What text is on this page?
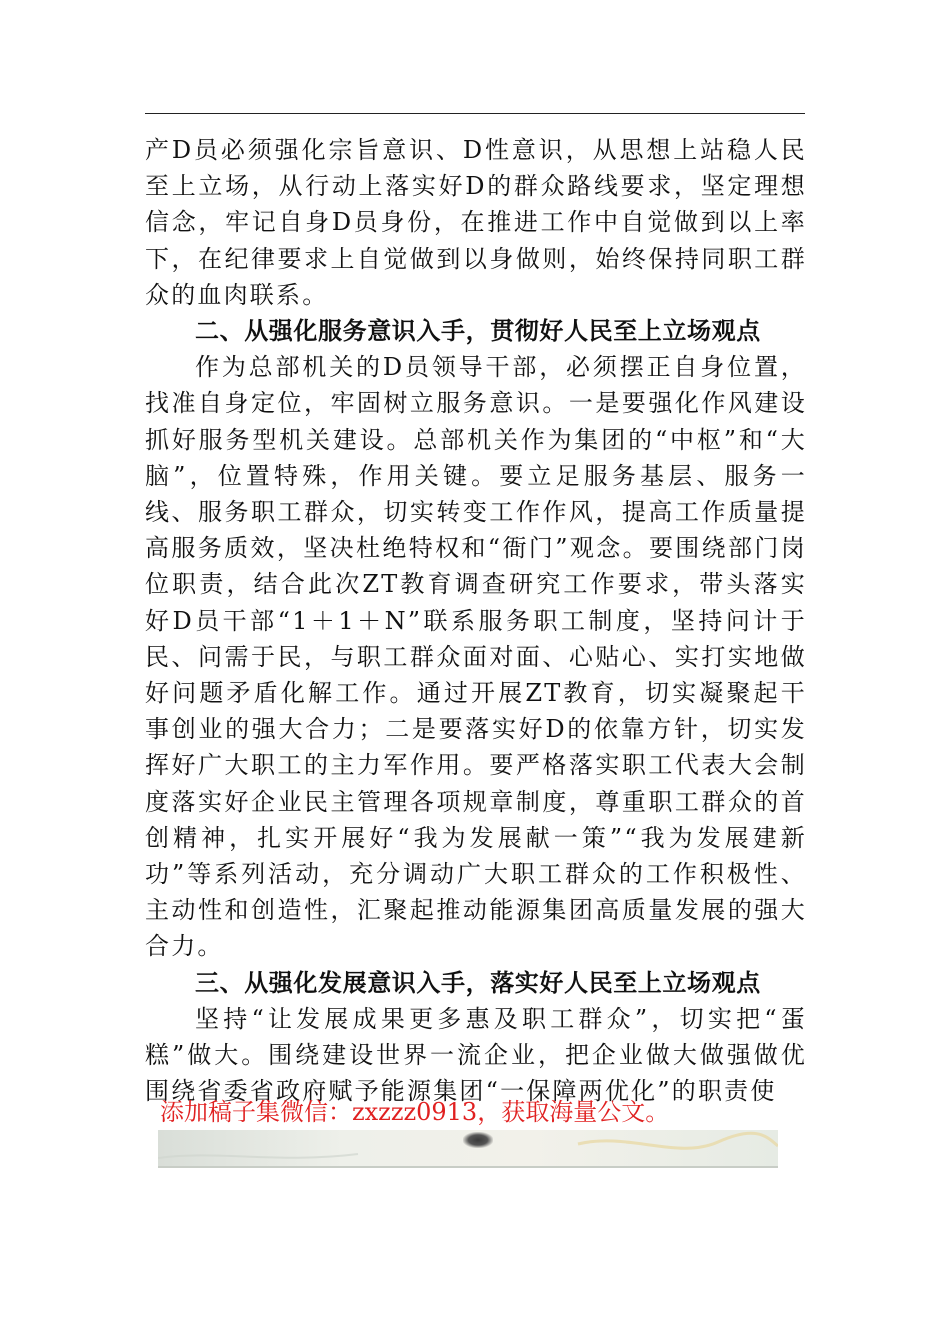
产D员必须强化宗旨意识、D性意识，从思想上站稳人民至上立场，从行动上落实好D的群众路线要求，坚定理想信念，牢记自身D员身份，在推进工作中自觉做到以上率下，在纪律要求上自觉做到以身做则，始终保持同职工群众的血肉联系。

二、从强化服务意识入手，贯彻好人民至上立场观点

作为总部机关的D员领导干部，必须摆正自身位置，找准自身定位，牢固树立服务意识。一是要强化作风建设抓好服务型机关建设。总部机关作为集团的“中枢”和“大脑”，位置特殊，作用关键。要立足服务基层、服务一线、服务职工群众，切实转变工作作风，提高工作质量提高服务质效，坚决杜绝特权和“衙门”观念。要围绕部门岗位职责，结合此次ZT教育调查研究工作要求，带头落实好D员干部“1＋1＋N”联系服务职工制度，坚持问计于民、问需于民，与职工群众面对面、心贴心、实打实地做好问题矛盾化解工作。通过开展ZT教育，切实凝聚起干事创业的强大合力；二是要落实好D的依靠方针，切实发挥好广大职工的主力军作用。要严格落实职工代表大会制度落实好企业民主管理各项规章制度，尊重职工群众的首创精神，扎实开展好“我为发展献一策”“我为发展建新功”等系列活动，充分调动广大职工群众的工作积极性、主动性和创造性，汇聚起推动能源集团高质量发展的强大合力。

三、从强化发展意识入手，落实好人民至上立场观点

坚持“让发展成果更多惠及职工群众”，切实把“蛋糕”做大。围绕建设世界一流企业，把企业做大做强做优围绕省委省政府赋予能源集团“一保障两优化”的职责使

添加稿子集微信：zxzzz0913，获取海量公文。
